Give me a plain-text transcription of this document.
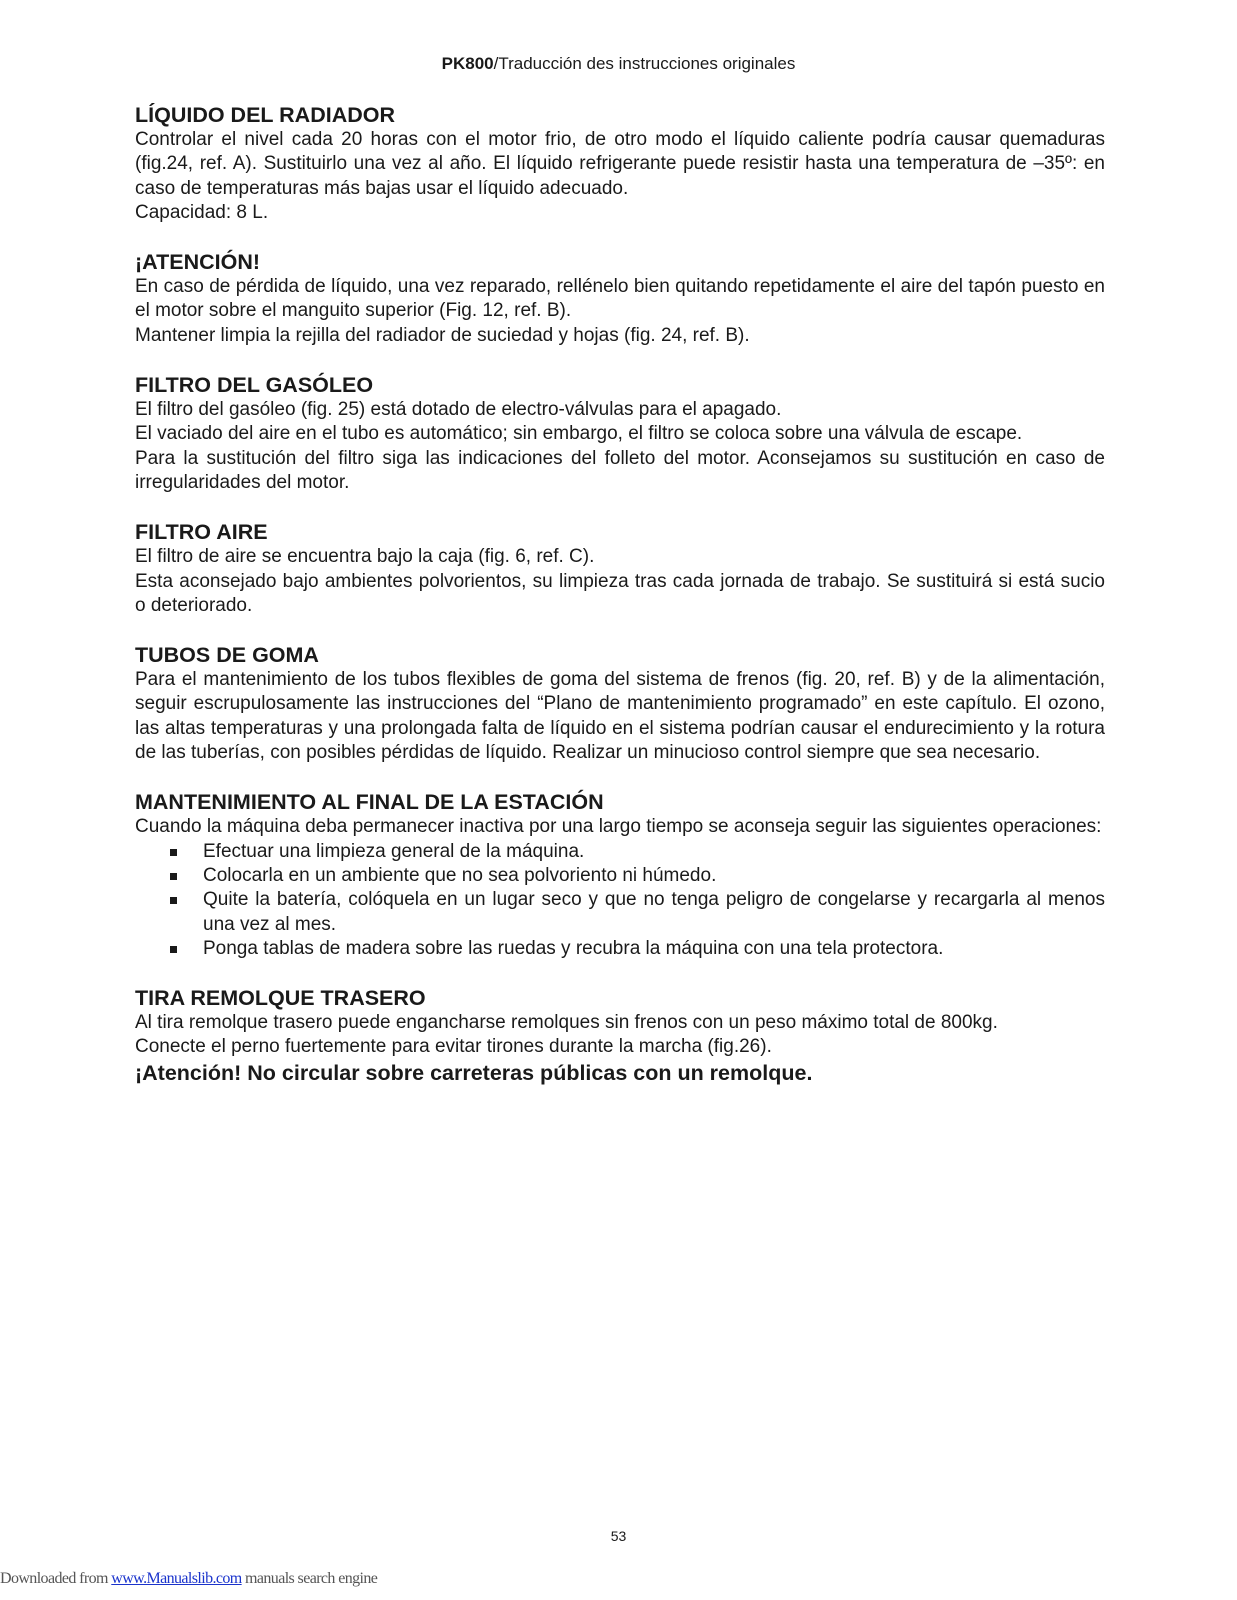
PK800/Traducción des instrucciones originales
LÍQUIDO DEL RADIADOR

Controlar el nivel cada 20 horas con el motor frio, de otro modo el líquido caliente podría causar quemaduras (fig.24, ref. A). Sustituirlo una vez al año. El líquido refrigerante puede resistir hasta una temperatura de –35º: en caso de temperaturas más bajas usar el líquido adecuado.

Capacidad: 8 L.

¡ATENCIÓN!

En caso de pérdida de líquido, una vez reparado, rellénelo bien quitando repetidamente el aire del tapón puesto en el motor sobre el manguito superior (Fig. 12, ref. B).

Mantener limpia la rejilla del radiador de suciedad y hojas (fig. 24, ref. B).

FILTRO DEL GASÓLEO

El filtro del gasóleo (fig. 25) está dotado de electro-válvulas para el apagado.

El vaciado del aire en el tubo es automático; sin embargo, el filtro se coloca sobre una válvula de escape.

Para la sustitución del filtro siga las indicaciones del folleto del motor. Aconsejamos su sustitución en caso de irregularidades del motor.

FILTRO AIRE

El filtro de aire se encuentra bajo la caja (fig. 6, ref. C).

Esta aconsejado bajo ambientes polvorientos, su limpieza tras cada jornada de trabajo. Se sustituirá si está sucio o deteriorado.

TUBOS DE GOMA

Para el mantenimiento de los tubos flexibles de goma del sistema de frenos (fig. 20, ref. B) y de la alimentación, seguir escrupulosamente las instrucciones del “Plano de mantenimiento programado” en este capítulo. El ozono, las altas temperaturas y una prolongada falta de líquido en el sistema podrían causar el endurecimiento y la rotura de las tuberías, con posibles pérdidas de líquido. Realizar un minucioso control siempre que sea necesario.

MANTENIMIENTO AL FINAL DE LA ESTACIÓN

Cuando la máquina deba permanecer inactiva por una largo tiempo se aconseja seguir las siguientes operaciones:

Efectuar una limpieza general de la máquina.
Colocarla en un ambiente que no sea polvoriento ni húmedo.
Quite la batería, colóquela en un lugar seco y que no tenga peligro de congelarse y recargarla al menos una vez al mes.
Ponga tablas de madera sobre las ruedas y recubra la máquina con una tela protectora.
TIRA REMOLQUE TRASERO

Al tira remolque trasero puede engancharse remolques sin frenos con un peso máximo total de 800kg.

Conecte el perno fuertemente para evitar tirones durante la marcha (fig.26).

¡Atención! No circular sobre carreteras públicas con un remolque.

53
Downloaded from www.Manualslib.com manuals search engine
